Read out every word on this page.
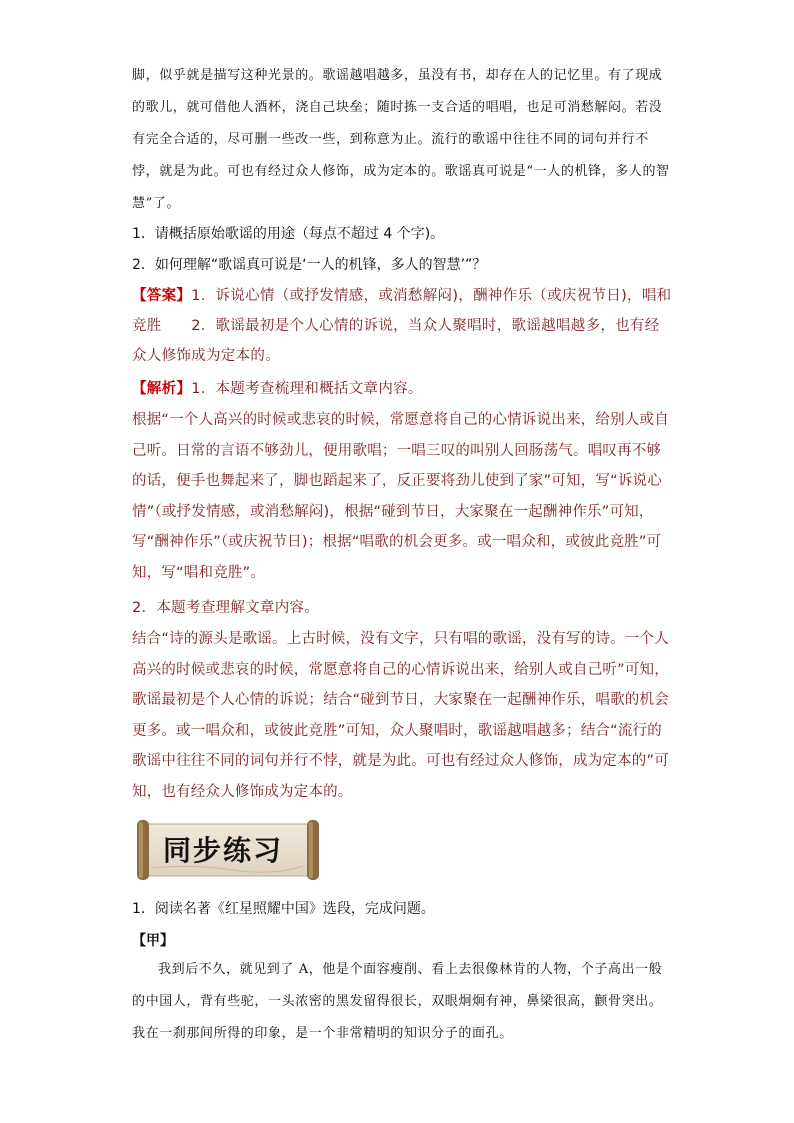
脚，似乎就是描写这种光景的。歌谣越唱越多，虽没有书，却存在人的记忆里。有了现成的歌儿，就可借他人酒杯，浇自己块垒；随时拣一支合适的唱唱，也足可消愁解闷。若没有完全合适的，尽可删一些改一些，到称意为止。流行的歌谣中往往不同的词句并行不悖，就是为此。可也有经过众人修饰，成为定本的。歌谣真可说是“一人的机锋，多人的智慧”了。
1．请概括原始歌谣的用途（每点不超过 4 个字)。
2．如何理解“歌谣真可说是‘一人的机锋，多人的智慧’”？
【答案】1．诉说心情（或抒发情感，或消愁解闷)，酬神作乐（或庆祝节日)，唱和竞胜　　2．歌谣最初是个人心情的诉说，当众人聚唱时，歌谣越唱越多，也有经众人修饰成为定本的。
【解析】1．本题考查梳理和概括文章内容。
根据“一个人高兴的时候或悲哀的时候，常愿意将自己的心情诉说出来，给别人或自己听。日常的言语不够劲儿，便用歌唱；一唱三叹的叫别人回肠荡气。唱叹再不够的话，便手也舞起来了，脚也蹈起来了，反正要将劲儿使到了家”可知，写“诉说心情”（或抒发情感，或消愁解闷)，根据“碰到节日，大家聚在一起酬神作乐”可知，写“酬神作乐”（或庆祝节日)；根据“唱歌的机会更多。或一唱众和，或彼此竞胜”可知，写“唱和竞胜”。
2．本题考查理解文章内容。
结合“诗的源头是歌谣。上古时候，没有文字，只有唱的歌谣，没有写的诗。一个人高兴的时候或悲哀的时候，常愿意将自己的心情诉说出来，给别人或自己听”可知，歌谣最初是个人心情的诉说；结合“碰到节日，大家聚在一起酬神作乐，唱歌的机会更多。或一唱众和，或彼此竞胜”可知，众人聚唱时，歌谣越唱越多；结合“流行的歌谣中往往不同的词句并行不悖，就是为此。可也有经过众人修饰，成为定本的”可知，也有经众人修饰成为定本的。
同步练习
1．阅读名著《红星照耀中国》选段，完成问题。
【甲】
我到后不久，就见到了 A，他是个面容瘦削、看上去很像林肯的人物，个子高出一般的中国人，背有些驼，一头浓密的黑发留得很长，双眼炯炯有神，鼻梁很高，颧骨突出。我在一刹那间所得的印象，是一个非常精明的知识分子的面孔。
